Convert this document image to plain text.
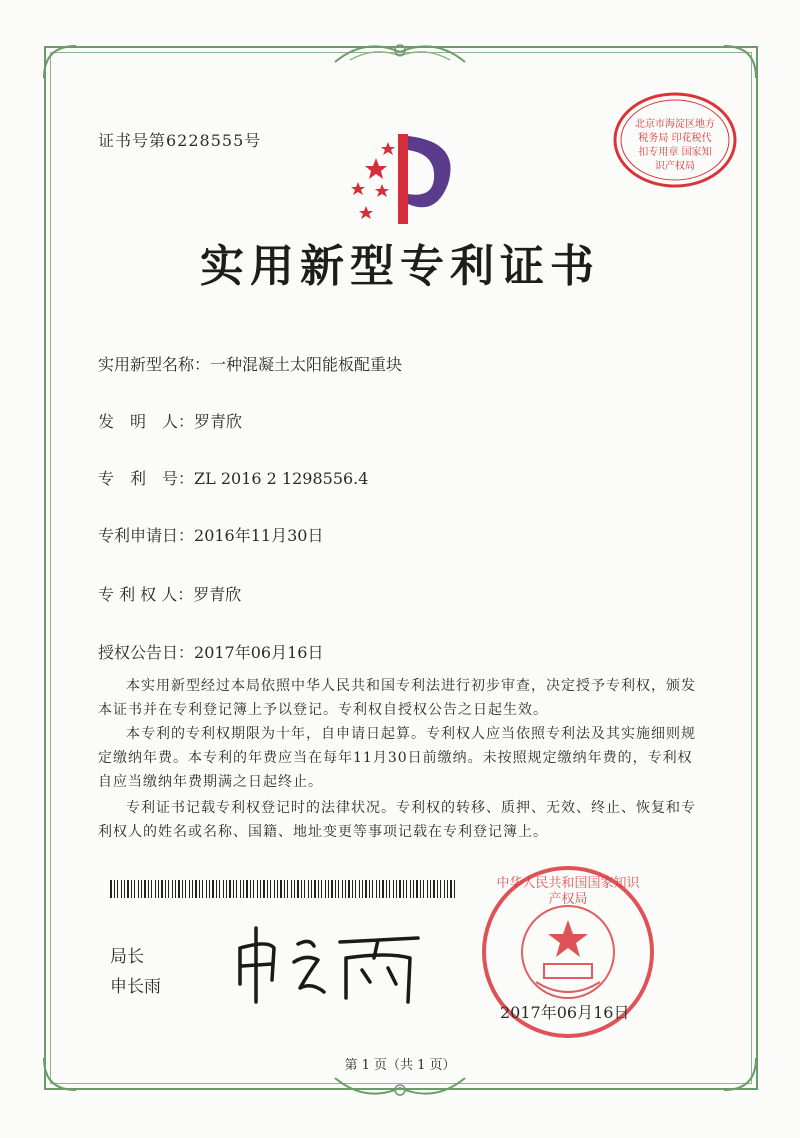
证书号第6228555号
实用新型专利证书
北京市海淀区地方税务局 印花税代扣专用章 国家知识产权局
实用新型名称：一种混凝土太阳能板配重块
发　明　人：罗青欣
专　利　号：ZL 2016 2 1298556.4
专利申请日：2016年11月30日
专 利 权 人：罗青欣
授权公告日：2017年06月16日
本实用新型经过本局依照中华人民共和国专利法进行初步审查，决定授予专利权，颁发本证书并在专利登记簿上予以登记。专利权自授权公告之日起生效。
本专利的专利权期限为十年，自申请日起算。专利权人应当依照专利法及其实施细则规定缴纳年费。本专利的年费应当在每年11月30日前缴纳。未按照规定缴纳年费的，专利权自应当缴纳年费期满之日起终止。
专利证书记载专利权登记时的法律状况。专利权的转移、质押、无效、终止、恢复和专利权人的姓名或名称、国籍、地址变更等事项记载在专利登记簿上。
局长
申长雨
中华人民共和国国家知识产权局
2017年06月16日
第 1 页（共 1 页）
